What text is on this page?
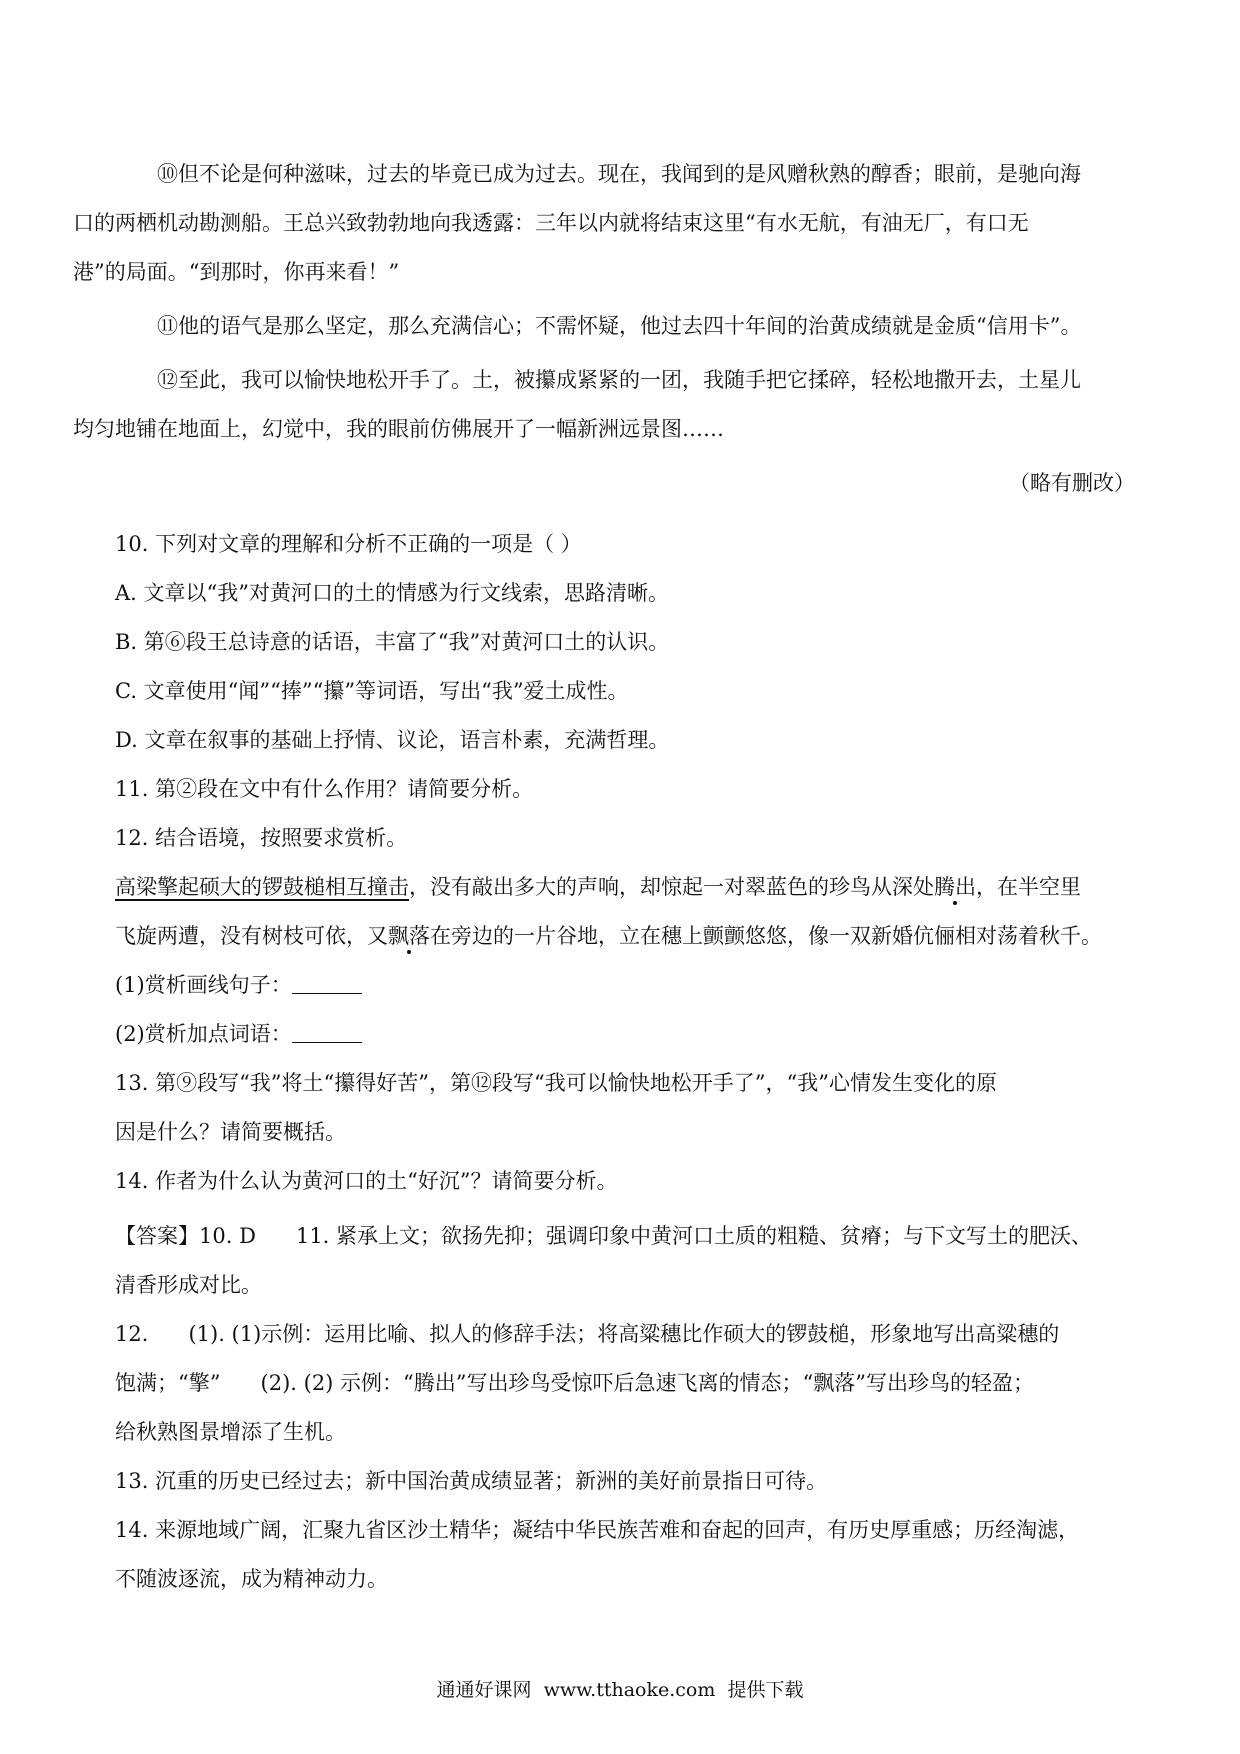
⑩但不论是何种滋味，过去的毕竟已成为过去。现在，我闻到的是风赠秋熟的醇香；眼前，是驰向海
口的两栖机动勘测船。王总兴致勃勃地向我透露：三年以内就将结束这里“有水无航，有油无厂，有口无
港”的局面。“到那时，你再来看！”

⑪他的语气是那么坚定，那么充满信心；不需怀疑，他过去四十年间的治黄成绩就是金质“信用卡”。

⑫至此，我可以愉快地松开手了。土，被攥成紧紧的一团，我随手把它揉碎，轻松地撒开去，土星儿
均匀地铺在地面上，幻觉中，我的眼前仿佛展开了一幅新洲远景图……

（略有删改）

10. 下列对文章的理解和分析不正确的一项是（ ）

A. 文章以“我”对黄河口的土的情感为行文线索，思路清晰。

B. 第⑥段王总诗意的话语，丰富了“我”对黄河口土的认识。

C. 文章使用“闻”“捧”“攥”等词语，写出“我”爱土成性。

D. 文章在叙事的基础上抒情、议论，语言朴素，充满哲理。

11. 第②段在文中有什么作用？请简要分析。

12. 结合语境，按照要求赏析。

高梁擎起硕大的锣鼓槌相互撞击，没有敲出多大的声响，却惊起一对翠蓝色的珍鸟从深处腾出，在半空里
飞旋两遭，没有树枝可依，又飘落在旁边的一片谷地，立在穗上颤颤悠悠，像一双新婚伉俪相对荡着秋千。

(1)赏析画线句子：

(2)赏析加点词语：

13. 第⑨段写“我”将土“攥得好苦”，第⑫段写“我可以愉快地松开手了”，“我”心情发生变化的原
因是什么？请简要概括。

14. 作者为什么认为黄河口的土“好沉”？请简要分析。

【答案】10. D      11. 紧承上文；欲扬先抑；强调印象中黄河口土质的粗糙、贫瘠；与下文写土的肥沃、
清香形成对比。

12.      (1). (1)示例：运用比喻、拟人的修辞手法；将高粱穗比作硕大的锣鼓槌，形象地写出高粱穗的
饱满；“擎”      (2). (2) 示例：“腾出”写出珍鸟受惊吓后急速飞离的情态；“飘落”写出珍鸟的轻盈；
给秋熟图景增添了生机。

13. 沉重的历史已经过去；新中国治黄成绩显著；新洲的美好前景指日可待。

14. 来源地域广阔，汇聚九省区沙土精华；凝结中华民族苦难和奋起的回声，有历史厚重感；历经淘滤，
不随波逐流，成为精神动力。

通通好课网  www.tthaoke.com  提供下载
